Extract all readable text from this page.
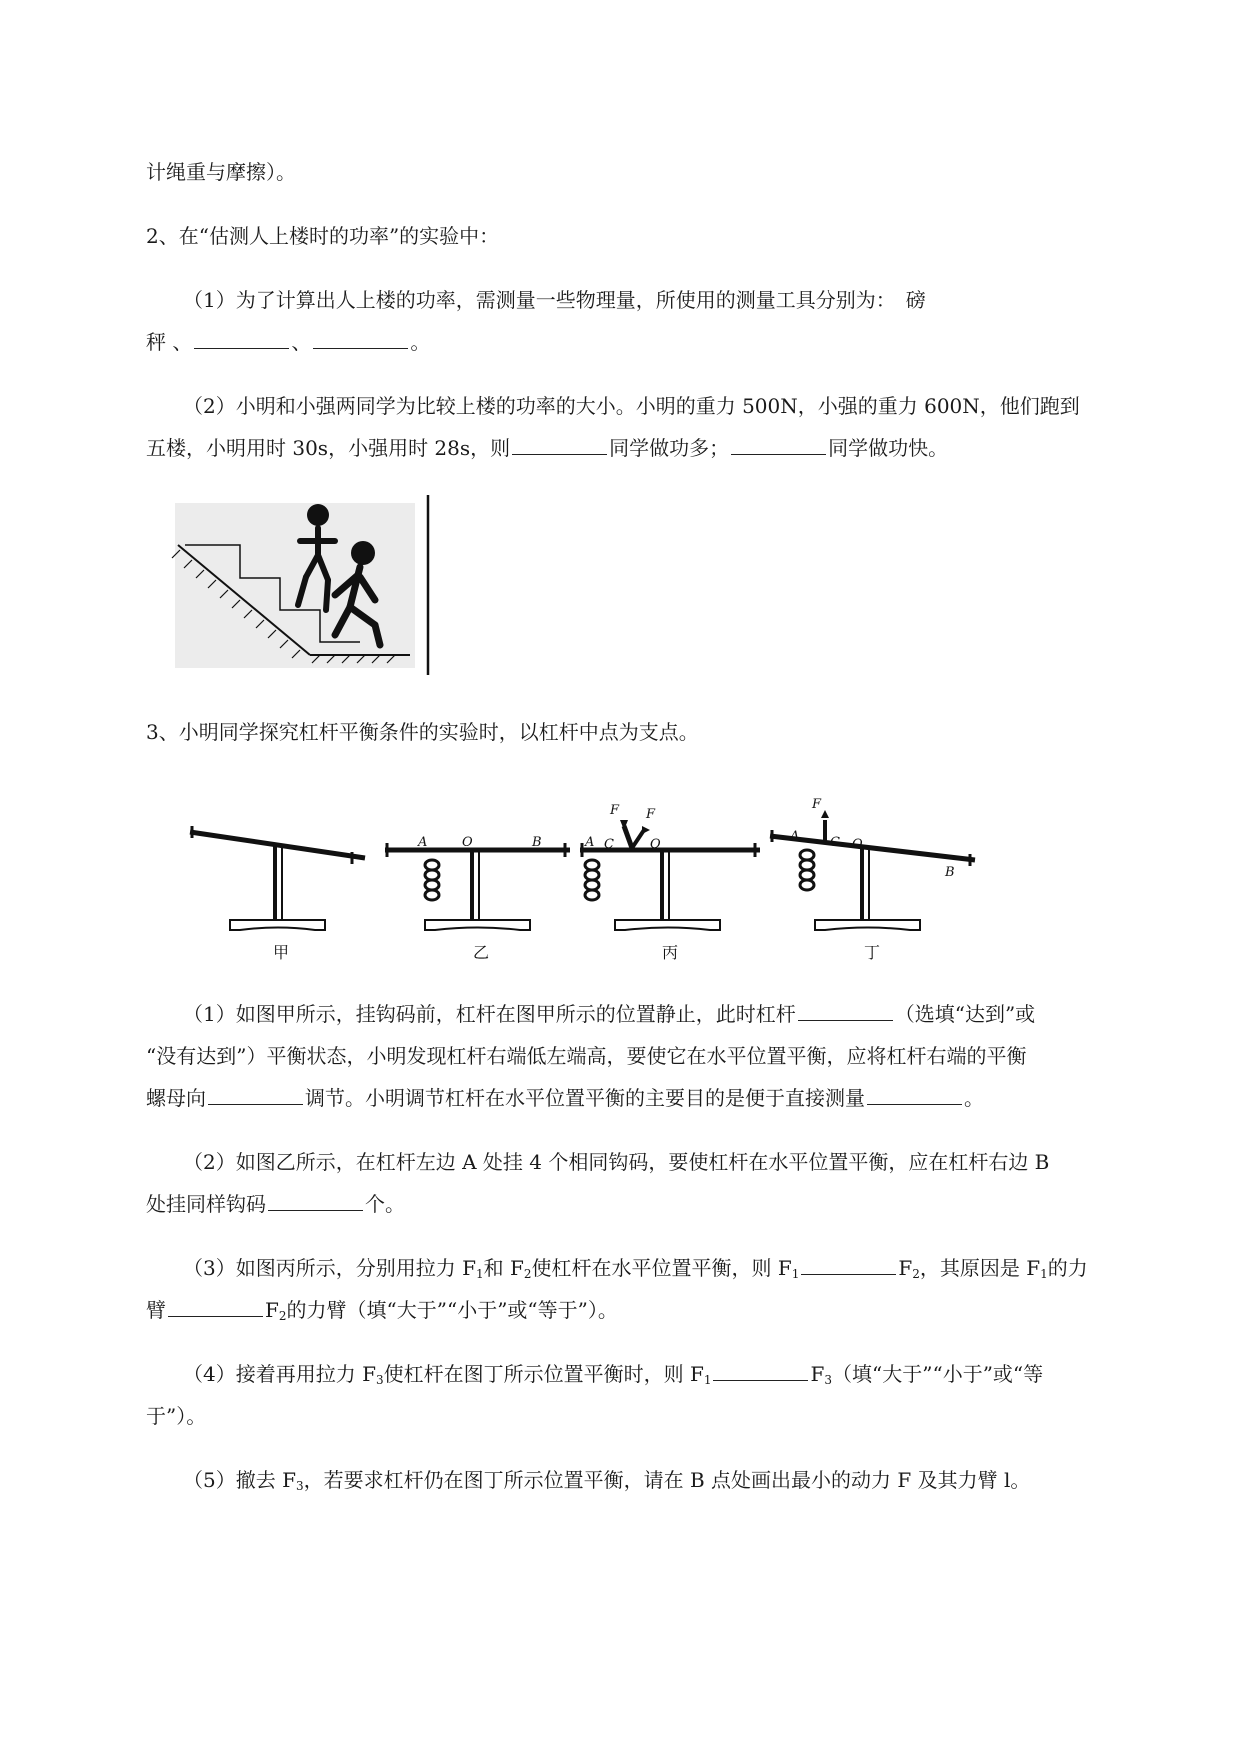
计绳重与摩擦）。
2、在“估测人上楼时的功率”的实验中：
（1）为了计算出人上楼的功率，需测量一些物理量，所使用的测量工具分别为：　磅
秤 、	、	。
（2）小明和小强两同学为比较上楼的功率的大小。小明的重力 500N，小强的重力 600N，他们跑到
五楼，小明用时 30s，小强用时 28s，则	同学做功多；	同学做功快。
3、小明同学探究杠杆平衡条件的实验时，以杠杆中点为支点。
A	O	B
F F
A C	O
F
A C O
B
甲	乙	丙	丁
（1）如图甲所示，挂钩码前，杠杆在图甲所示的位置静止，此时杠杆	（选填“达到”或
“没有达到”）平衡状态，小明发现杠杆右端低左端高，要使它在水平位置平衡，应将杠杆右端的平衡
螺母向	调节。小明调节杠杆在水平位置平衡的主要目的是便于直接测量	。
（2）如图乙所示，在杠杆左边 A 处挂 4 个相同钩码，要使杠杆在水平位置平衡，应在杠杆右边 B
处挂同样钩码	个。
（3）如图丙所示，分别用拉力 $F_1$和 $F_2$使杠杆在水平位置平衡，则 $F_1$	$F_2$，其原因是 $F_1$的力
臂	$F_2$的力臂（填“大于”“小于”或“等于”）。
（4）接着再用拉力 $F_3$使杠杆在图丁所示位置平衡时，则 $F_1$	$F_3$（填“大于”“小于”或“等
于”）。
（5）撤去 $F_3$，若要求杠杆仍在图丁所示位置平衡，请在 B 点处画出最小的动力 F 及其力臂 l。
